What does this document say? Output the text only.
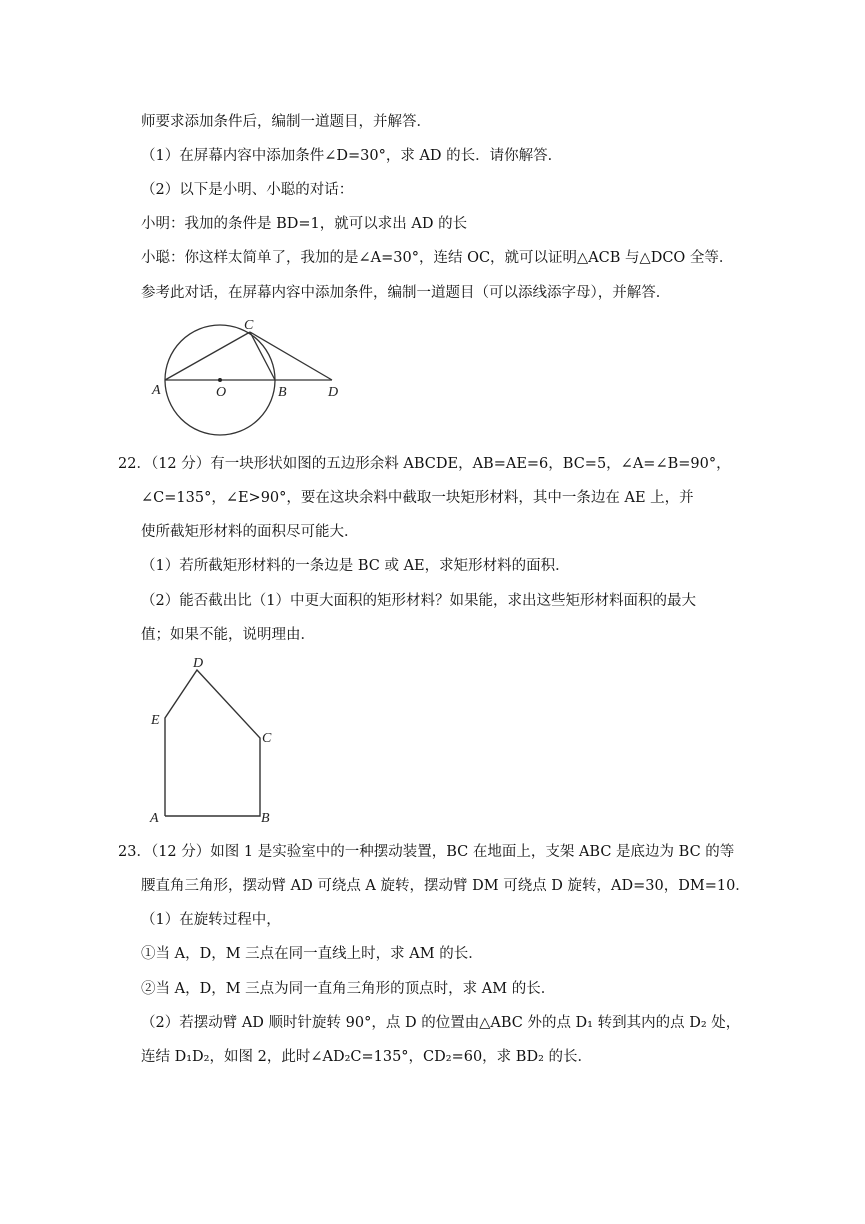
师要求添加条件后，编制一道题目，并解答．
（1）在屏幕内容中添加条件∠D=30°，求 AD 的长．请你解答．
（2）以下是小明、小聪的对话：
小明：我加的条件是 BD=1，就可以求出 AD 的长
小聪：你这样太简单了，我加的是∠A=30°，连结 OC，就可以证明△ACB 与△DCO 全等．
参考此对话，在屏幕内容中添加条件，编制一道题目（可以添线添字母），并解答．
A	O	B
C
D
22．（12 分）有一块形状如图的五边形余料 ABCDE，AB=AE=6，BC=5，∠A=∠B=90°，
∠C=135°，∠E>90°，要在这块余料中截取一块矩形材料，其中一条边在 AE 上，并
使所截矩形材料的面积尽可能大．
（1）若所截矩形材料的一条边是 BC 或 AE，求矩形材料的面积．
（2）能否截出比（1）中更大面积的矩形材料？如果能，求出这些矩形材料面积的最大
值；如果不能，说明理由．
A	B
C
D
E
23．（12 分）如图 1 是实验室中的一种摆动装置，BC 在地面上，支架 ABC 是底边为 BC 的等
腰直角三角形，摆动臂 AD 可绕点 A 旋转，摆动臂 DM 可绕点 D 旋转，AD=30，DM=10．
（1）在旋转过程中，
①当 A，D，M 三点在同一直线上时，求 AM 的长．
②当 A，D，M 三点为同一直角三角形的顶点时，求 AM 的长．
（2）若摆动臂 AD 顺时针旋转 90°，点 D 的位置由△ABC 外的点 D₁ 转到其内的点 D₂ 处，
连结 D₁D₂，如图 2，此时∠AD₂C=135°，CD₂=60，求 BD₂ 的长．
